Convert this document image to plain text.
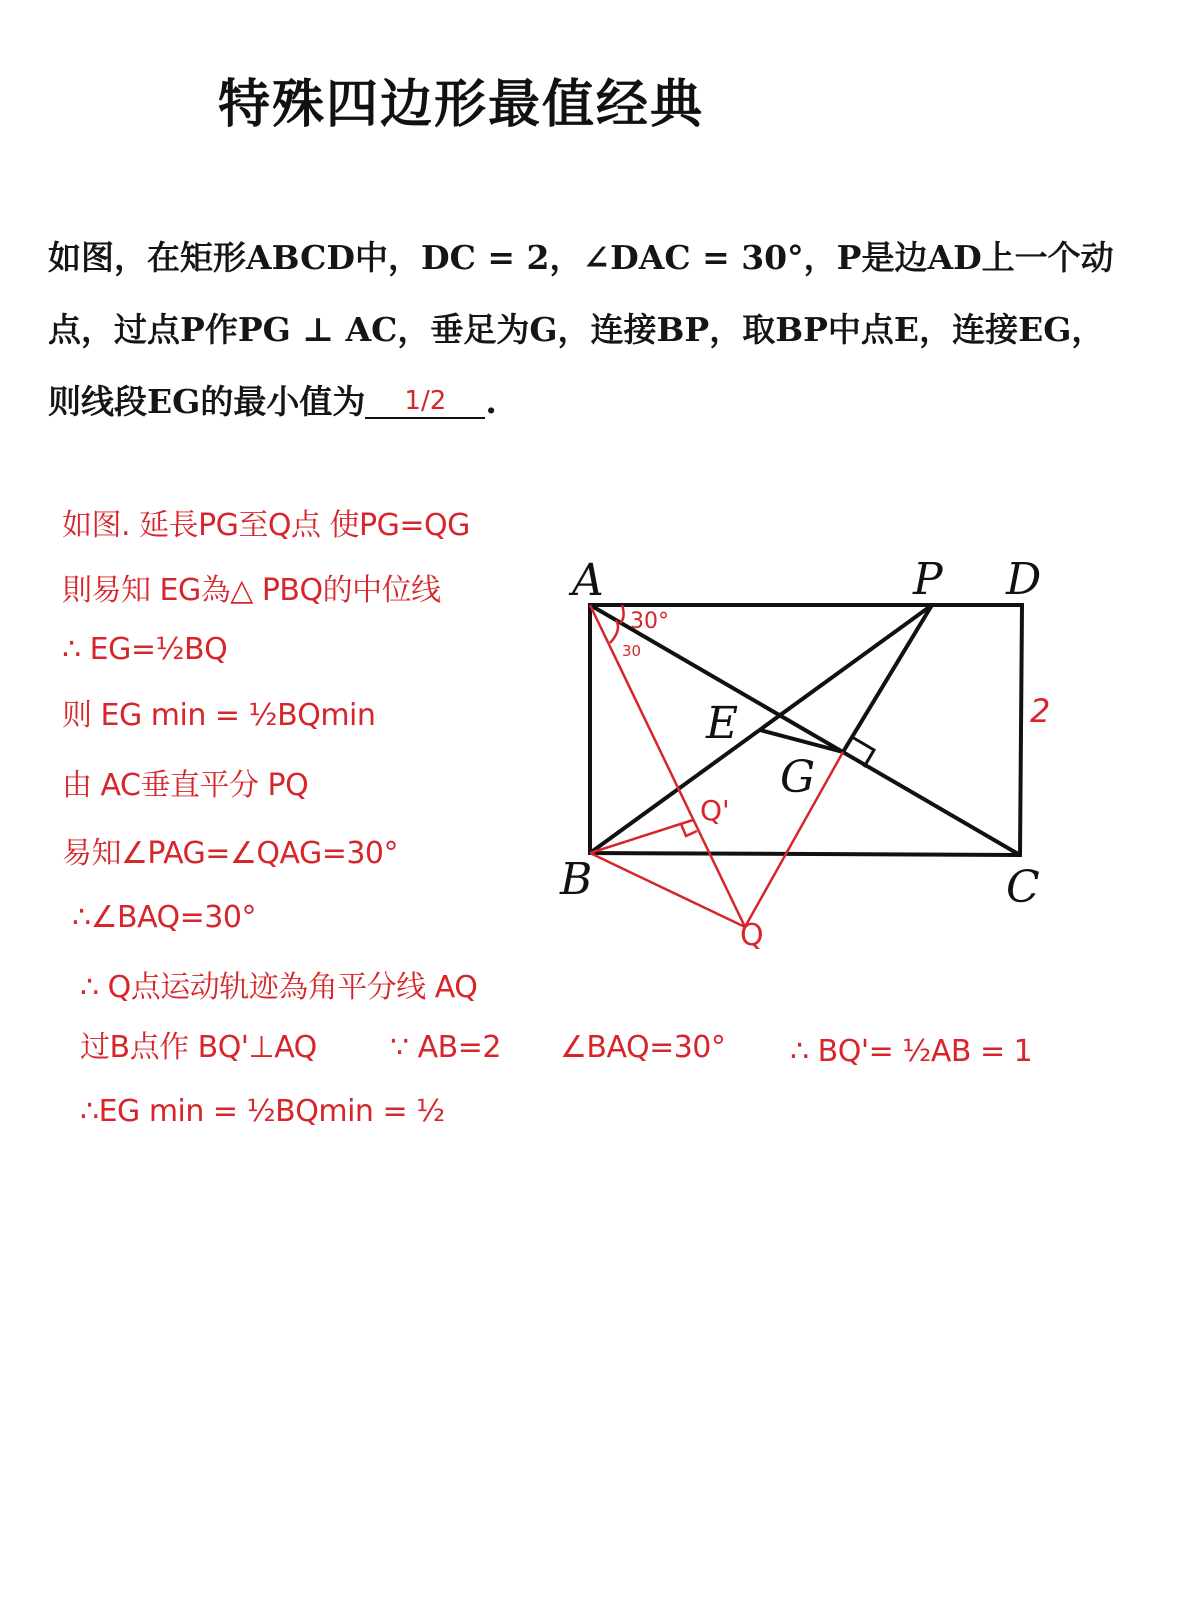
特殊四边形最值经典
如图，在矩形ABCD中，DC = 2，∠DAC = 30°，P是边AD上一个动
点，过点P作PG ⊥ AC，垂足为G，连接BP，取BP中点E，连接EG，
则线段EG的最小值为 1/2 .
如图. 延長PG至Q点 使PG=QG
則易知 EG為△ PBQ的中位线
∴ EG=½BQ
则 EG min = ½BQmin
由 AC垂直平分 PQ
易知∠PAG=∠QAG=30°
∴∠BAQ=30°
∴ Q点运动轨迹為角平分线 AQ
过B点作 BQ'⊥AQ ∵ AB=2 ∠BAQ=30° ∴ BQ'= ½AB = 1
∴EG min = ½BQmin = ½
A	P D
B	C
E
G
Q
Q'
2
30°
30
